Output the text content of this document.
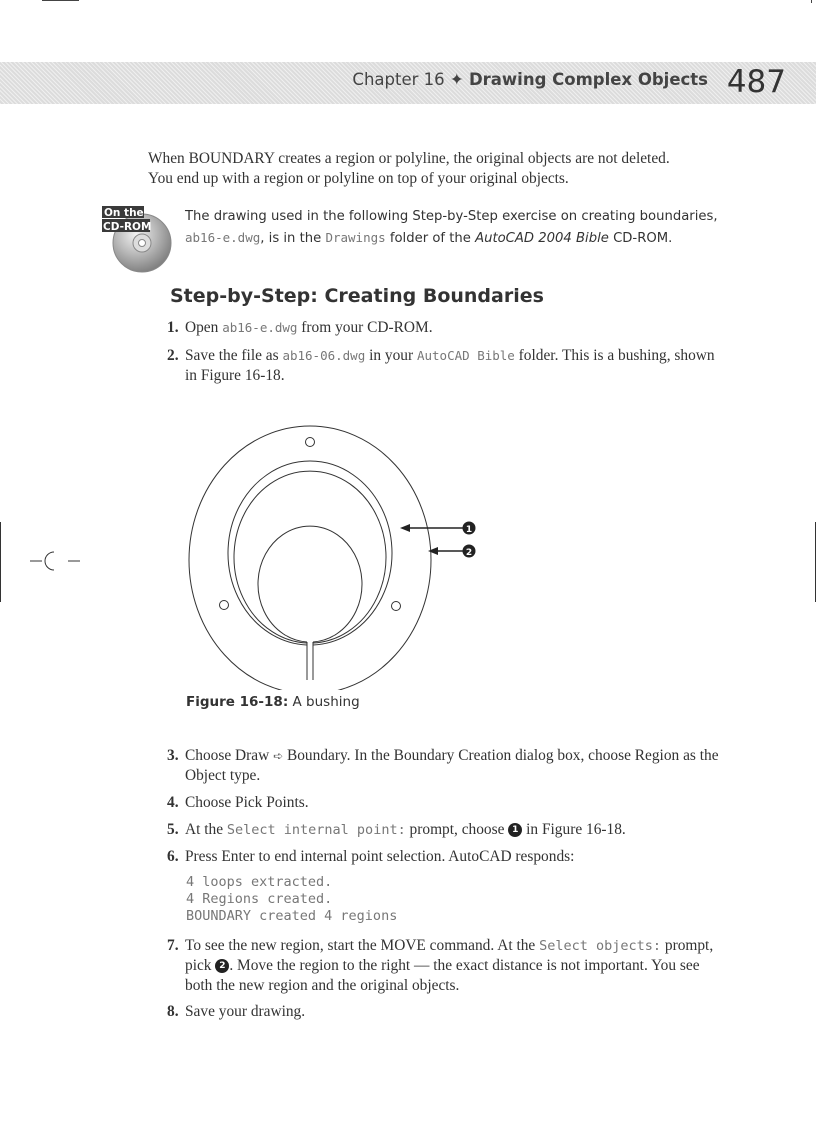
Chapter 16 ✦ Drawing Complex Objects 487
When BOUNDARY creates a region or polyline, the original objects are not deleted.
You end up with a region or polyline on top of your original objects.
On the
CD-ROM
The drawing used in the following Step-by-Step exercise on creating boundaries, ab16-e.dwg, is in the Drawings folder of the AutoCAD 2004 Bible CD-ROM.
Step-by-Step: Creating Boundaries
1. Open ab16-e.dwg from your CD-ROM.
2. Save the file as ab16-06.dwg in your AutoCAD Bible folder. This is a bushing, shown in Figure 16-18.
1
2
Figure 16-18: A bushing
3. Choose Draw ➪ Boundary. In the Boundary Creation dialog box, choose Region as the Object type.
4. Choose Pick Points.
5. At the Select internal point: prompt, choose 1 in Figure 16-18.
6. Press Enter to end internal point selection. AutoCAD responds:
4 loops extracted.
4 Regions created.
BOUNDARY created 4 regions
7. To see the new region, start the MOVE command. At the Select objects: prompt, pick 2 . Move the region to the right — the exact distance is not important. You see both the new region and the original objects.
8. Save your drawing.
